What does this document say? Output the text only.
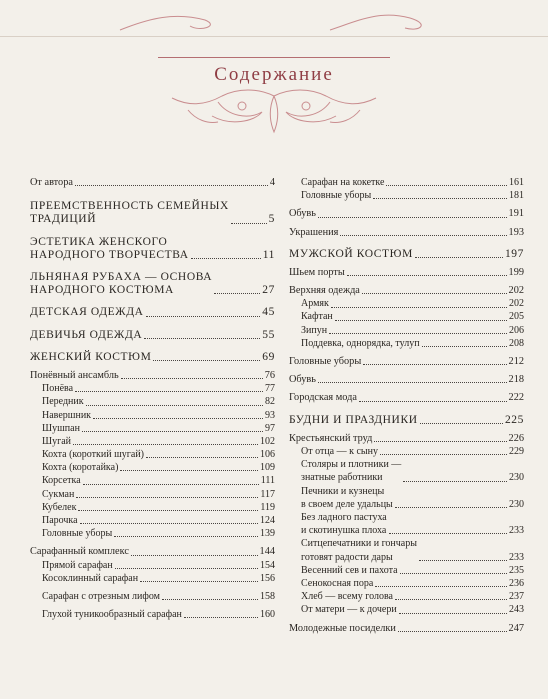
Содержание
От автора	4
ПРЕЕМСТВЕННОСТЬ СЕМЕЙНЫХ
ТРАДИЦИЙ	5
ЭСТЕТИКА ЖЕНСКОГО
НАРОДНОГО ТВОРЧЕСТВА	11
ЛЬНЯНАЯ РУБАХА — ОСНОВА
НАРОДНОГО КОСТЮМА	27
ДЕТСКАЯ ОДЕЖДА	45
ДЕВИЧЬЯ ОДЕЖДА	55
ЖЕНСКИЙ КОСТЮМ	69
Понёвный ансамбль	76
Понёва	77
Передник	82
Навершник	93
Шушпан	97
Шугай	102
Кохта (короткий шугай)	106
Кохта (коротайка)	109
Корсетка	111
Сукман	117
Кубелек	119
Парочка	124
Головные уборы	139
Сарафанный комплекс	144
Прямой сарафан	154
Косоклинный сарафан	156
Сарафан с отрезным лифом	158
Глухой туникообразный сарафан	160
Сарафан на кокетке	161
Головные уборы	181
Обувь	191
Украшения	193
МУЖСКОЙ КОСТЮМ	197
Шьем порты	199
Верхняя одежда	202
Армяк	202
Кафтан	205
Зипун	206
Поддевка, однорядка, тулуп	208
Головные уборы	212
Обувь	218
Городская мода	222
БУДНИ И ПРАЗДНИКИ	225
Крестьянский труд	226
От отца — к сыну	229
Столяры и плотники —
знатные работники	230
Печники и кузнецы
в своем деле удальцы	230
Без ладного пастуха
и скотинушка плоха	233
Ситцепечатники и гончары
готовят радости дары	233
Весенний сев и пахота	235
Сенокосная пора	236
Хлеб — всему голова	237
От матери — к дочери	243
Молодежные посиделки	247
